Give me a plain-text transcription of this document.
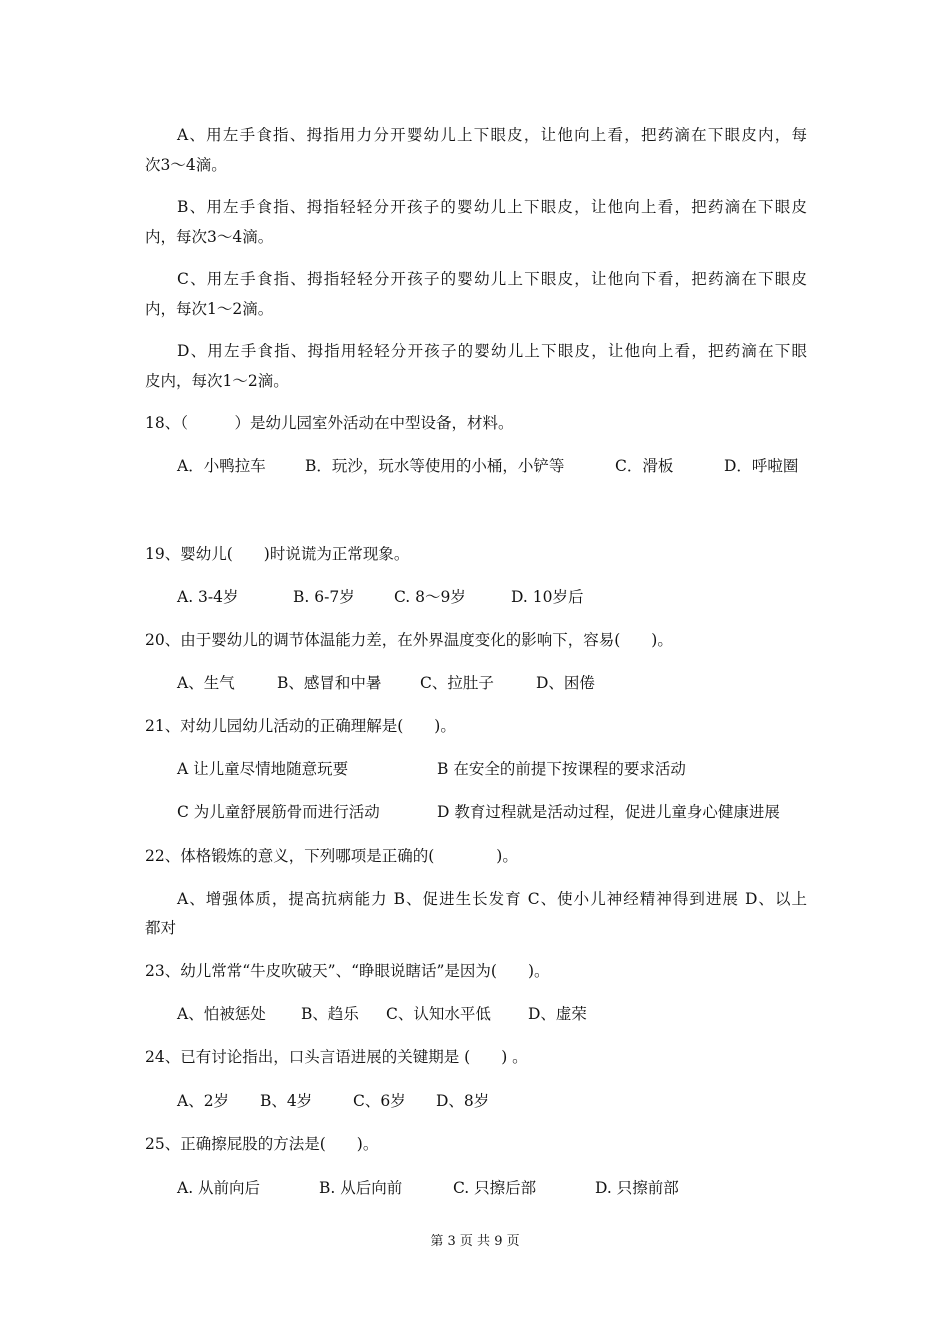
A、用左手食指、拇指用力分开婴幼儿上下眼皮，让他向上看，把药滴在下眼皮内，每
次3～4滴。
B、用左手食指、拇指轻轻分开孩子的婴幼儿上下眼皮，让他向上看，把药滴在下眼皮
内，每次3～4滴。
C、用左手食指、拇指轻轻分开孩子的婴幼儿上下眼皮，让他向下看，把药滴在下眼皮
内，每次1～2滴。
D、用左手食指、拇指用轻轻分开孩子的婴幼儿上下眼皮，让他向上看，把药滴在下眼
皮内，每次1～2滴。
18、（　　　）是幼儿园室外活动在中型设备，材料。
A．小鸭拉车	B．玩沙，玩水等使用的小桶，小铲等	C．滑板	D．呼啦圈
19、婴幼儿(　　)时说谎为正常现象。
A. 3-4岁	B. 6-7岁	C. 8～9岁	D. 10岁后
20、由于婴幼儿的调节体温能力差，在外界温度变化的影响下，容易(　　)。
A、生气	B、感冒和中暑 C、拉肚子	D、困倦
21、对幼儿园幼儿活动的正确理解是(　　)。
A 让儿童尽情地随意玩要	B 在安全的前提下按课程的要求活动
C 为儿童舒展筋骨而进行活动	D 教育过程就是活动过程，促进儿童身心健康进展
22、体格锻炼的意义，下列哪项是正确的(　　　　)。
A、增强体质，提高抗病能力 B、促进生长发育 C、使小儿神经精神得到进展 D、以上
都对
23、幼儿常常“牛皮吹破天”、“睁眼说瞎话”是因为(　　)。
A、怕被惩处 B、趋乐 C、认知水平低 D、虚荣
24、已有讨论指出，口头言语进展的关键期是 (　　) 。
A、2岁 B、4岁	C、6岁 D、8岁
25、正确擦屁股的方法是(　　)。
A. 从前向后	B. 从后向前	C. 只擦后部	D. 只擦前部
第 3 页 共 9 页
